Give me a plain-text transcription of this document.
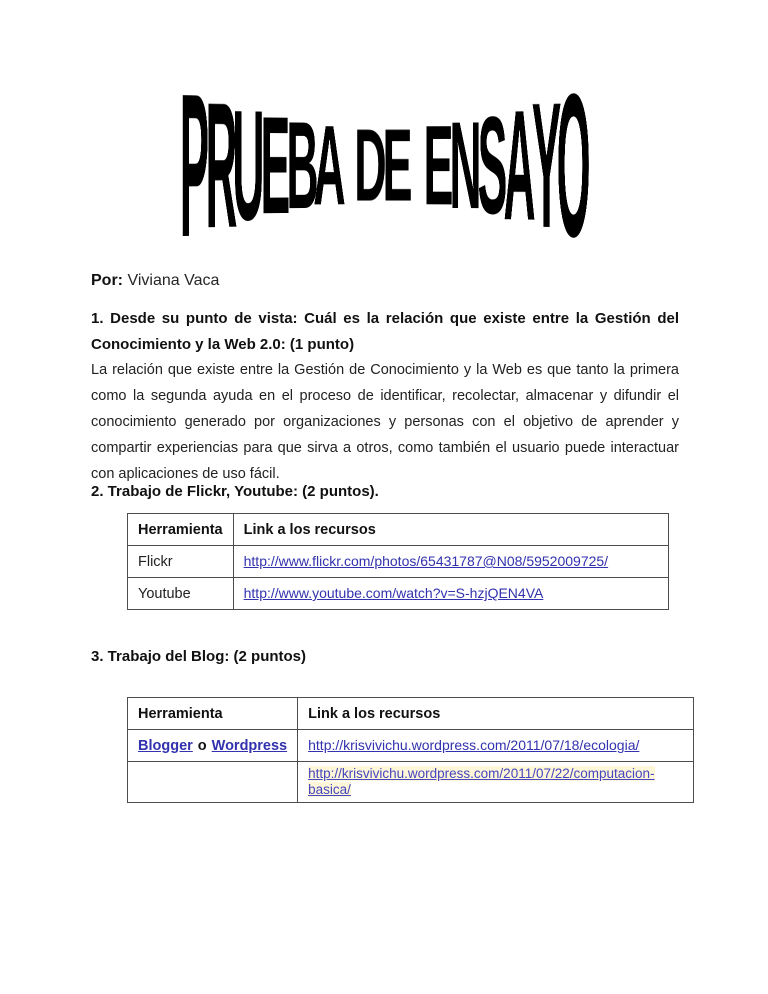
P
R
U
E
B
A D
E E
N
S
A
Y
O
Por: Viviana Vaca
1. Desde su punto de vista: Cuál es la relación que existe entre la Gestión del Conocimiento y la Web 2.0: (1 punto)
La relación que existe entre la Gestión de Conocimiento y la Web es que tanto la primera como la segunda ayuda en el proceso de identificar, recolectar, almacenar y difundir el conocimiento generado por organizaciones y personas con el objetivo de aprender y compartir experiencias para que sirva a otros, como también el usuario puede interactuar con aplicaciones de uso fácil.
2. Trabajo de Flickr, Youtube: (2 puntos).
Herramienta	Link a los recursos
Flickr	http://www.flickr.com/photos/65431787@N08/5952009725/
Youtube	http://www.youtube.com/watch?v=S-hzjQEN4VA
3. Trabajo del Blog: (2 puntos)
Herramienta	Link a los recursos
Blogger o Wordpress	http://krisvivichu.wordpress.com/2011/07/18/ecologia/
	http://krisvivichu.wordpress.com/2011/07/22/computacion-basica/
